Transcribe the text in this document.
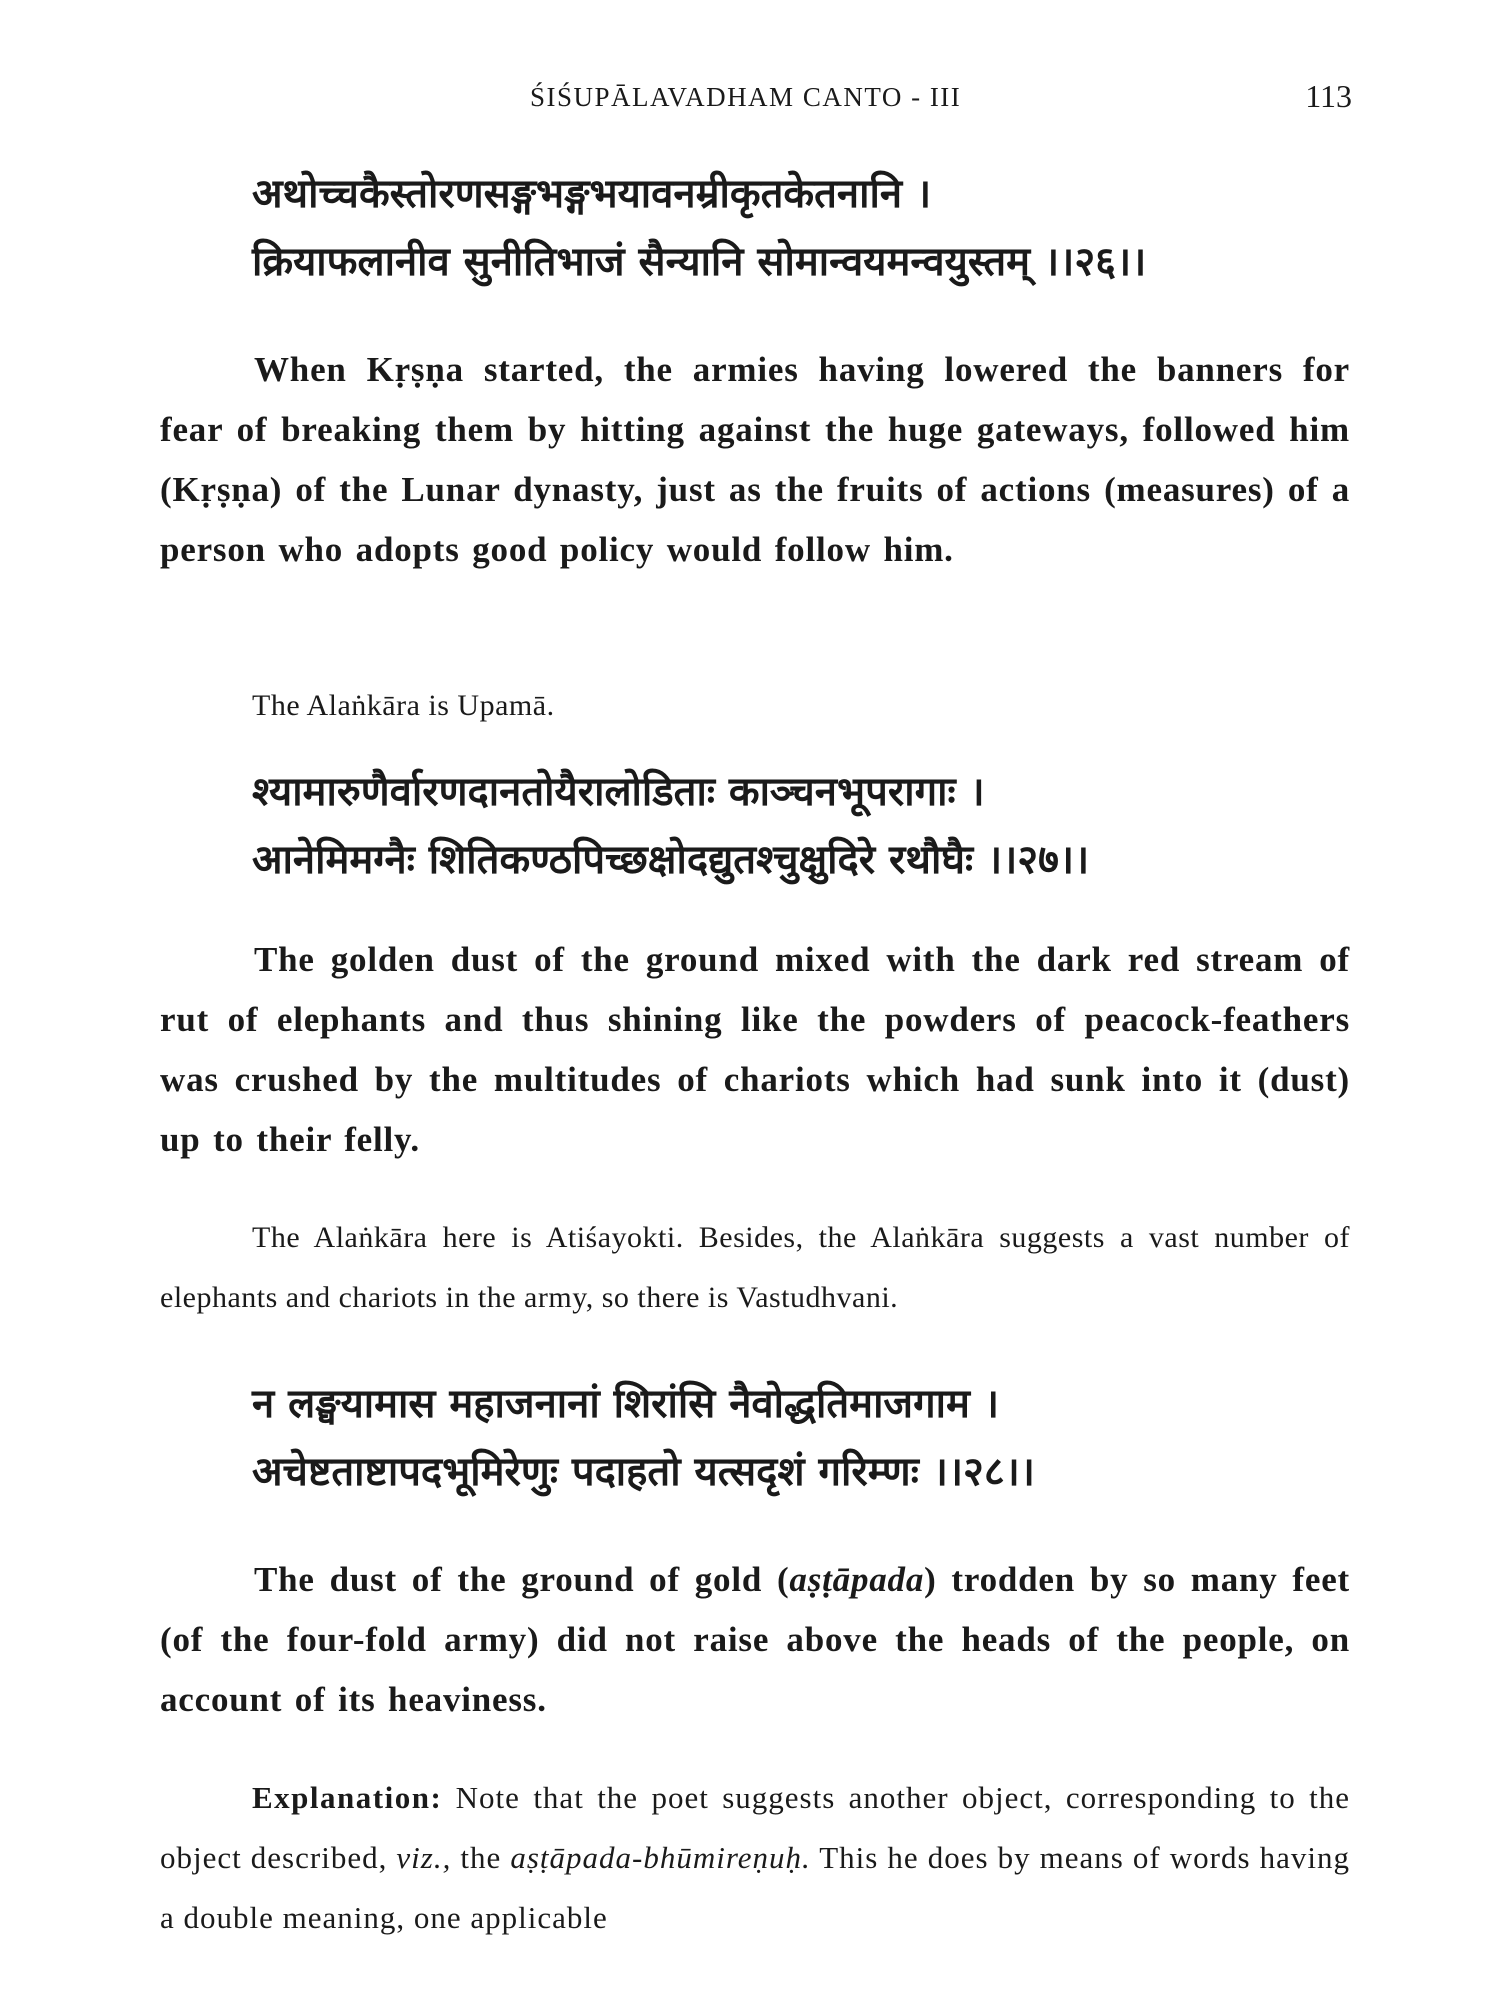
ŚIŚUPĀLAVADHAM CANTO - III	113
अथोच्चकैस्तोरणसङ्गभङ्गभयावनम्रीकृतकेतनानि ।
क्रियाफलानीव सुनीतिभाजं सैन्यानि सोमान्वयमन्वयुस्तम् ।।२६।।

When Kṛṣṇa started, the armies having lowered the banners for fear of breaking them by hitting against the huge gateways, followed him (Kṛṣṇa) of the Lunar dynasty, just as the fruits of actions (measures) of a person who adopts good policy would follow him.

The Alaṅkāra is Upamā.

श्यामारुणैर्वारणदानतोयैरालोडिताः काञ्चनभूपरागाः ।
आनेमिमग्नैः शितिकण्ठपिच्छक्षोदद्युतश्चुक्षुदिरे रथौघैः ।।२७।।

The golden dust of the ground mixed with the dark red stream of rut of elephants and thus shining like the powders of peacock-feathers was crushed by the multitudes of chariots which had sunk into it (dust) up to their felly.

The Alaṅkāra here is Atiśayokti. Besides, the Alaṅkāra suggests a vast number of elephants and chariots in the army, so there is Vastudhvani.

न लङ्घयामास महाजनानां शिरांसि नैवोद्धतिमाजगाम ।
अचेष्टताष्टापदभूमिरेणुः पदाहतो यत्सदृशं गरिम्णः ।।२८।।

The dust of the ground of gold (aṣṭāpada) trodden by so many feet (of the four-fold army) did not raise above the heads of the people, on account of its heaviness.

Explanation: Note that the poet suggests another object, corresponding to the object described, viz., the aṣṭāpada-bhūmireṇuḥ. This he does by means of words having a double meaning, one applicable
